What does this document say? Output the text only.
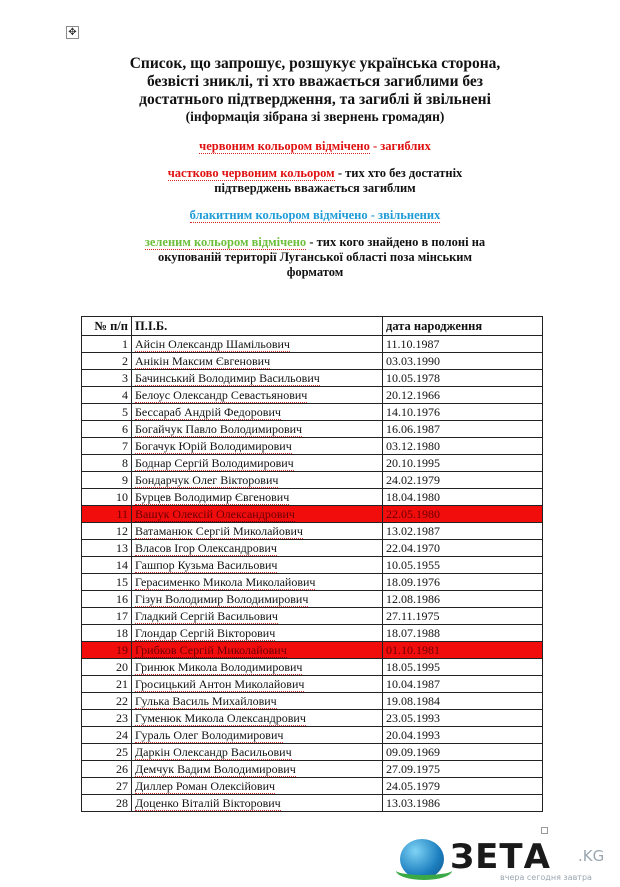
✥
Список, що запрошує, розшукує українська сторона,
безвісті зниклі, ті хто вважається загиблими без
достатнього підтвердження, та загиблі й звільнені
(інформація зібрана зі звернень громадян)
червоним кольором відмічено - загиблих
частково червоним кольором - тих хто без достатніх
підтверджень вважається загиблим
блакитним кольором відмічено - звільнених
зеленим кольором відмічено - тих кого знайдено в полоні на
окупованій території Луганської області поза мінським
форматом
№ п/п	П.І.Б.	дата народження
1	Айсін Олександр Шамільович	11.10.1987
2	Анікін Максим Євгенович	03.03.1990
3	Бачинський Володимир Васильович	10.05.1978
4	Белоус Олександр Севастьянович	20.12.1966
5	Бессараб Андрій Федорович	14.10.1976
6	Богайчук Павло Володимирович	16.06.1987
7	Богачук Юрій Володимирович	03.12.1980
8	Боднар Сергій Володимирович	20.10.1995
9	Бондарчук Олег Вікторович	24.02.1979
10	Бурцев Володимир Євгенович	18.04.1980
11	Вашук Олексій Олександрович	22.05.1980
12	Ватаманюк Сергій Миколайович	13.02.1987
13	Власов Ігор Олександрович	22.04.1970
14	Гашпор Кузьма Васильович	10.05.1955
15	Герасименко Микола Миколайович	18.09.1976
16	Гізун Володимир Володимирович	12.08.1986
17	Гладкий Сергій Васильович	27.11.1975
18	Глондар Сергій Вікторович	18.07.1988
19	Грибков Сергій Миколайович	01.10.1981
20	Гринюк Микола Володимирович	18.05.1995
21	Гросицький Антон Миколайович	10.04.1987
22	Гулька Василь Михайлович	19.08.1984
23	Гуменюк Микола Олександрович	23.05.1993
24	Гураль Олег Володимирович	20.04.1993
25	Даркін Олександр Васильович	09.09.1969
26	Демчук Вадим Володимирович	27.09.1975
27	Диллер Роман Олексійович	24.05.1979
28	Доценко Віталій Вікторович	13.03.1986
ЗЕТА .KG
вчера сегодня завтра
